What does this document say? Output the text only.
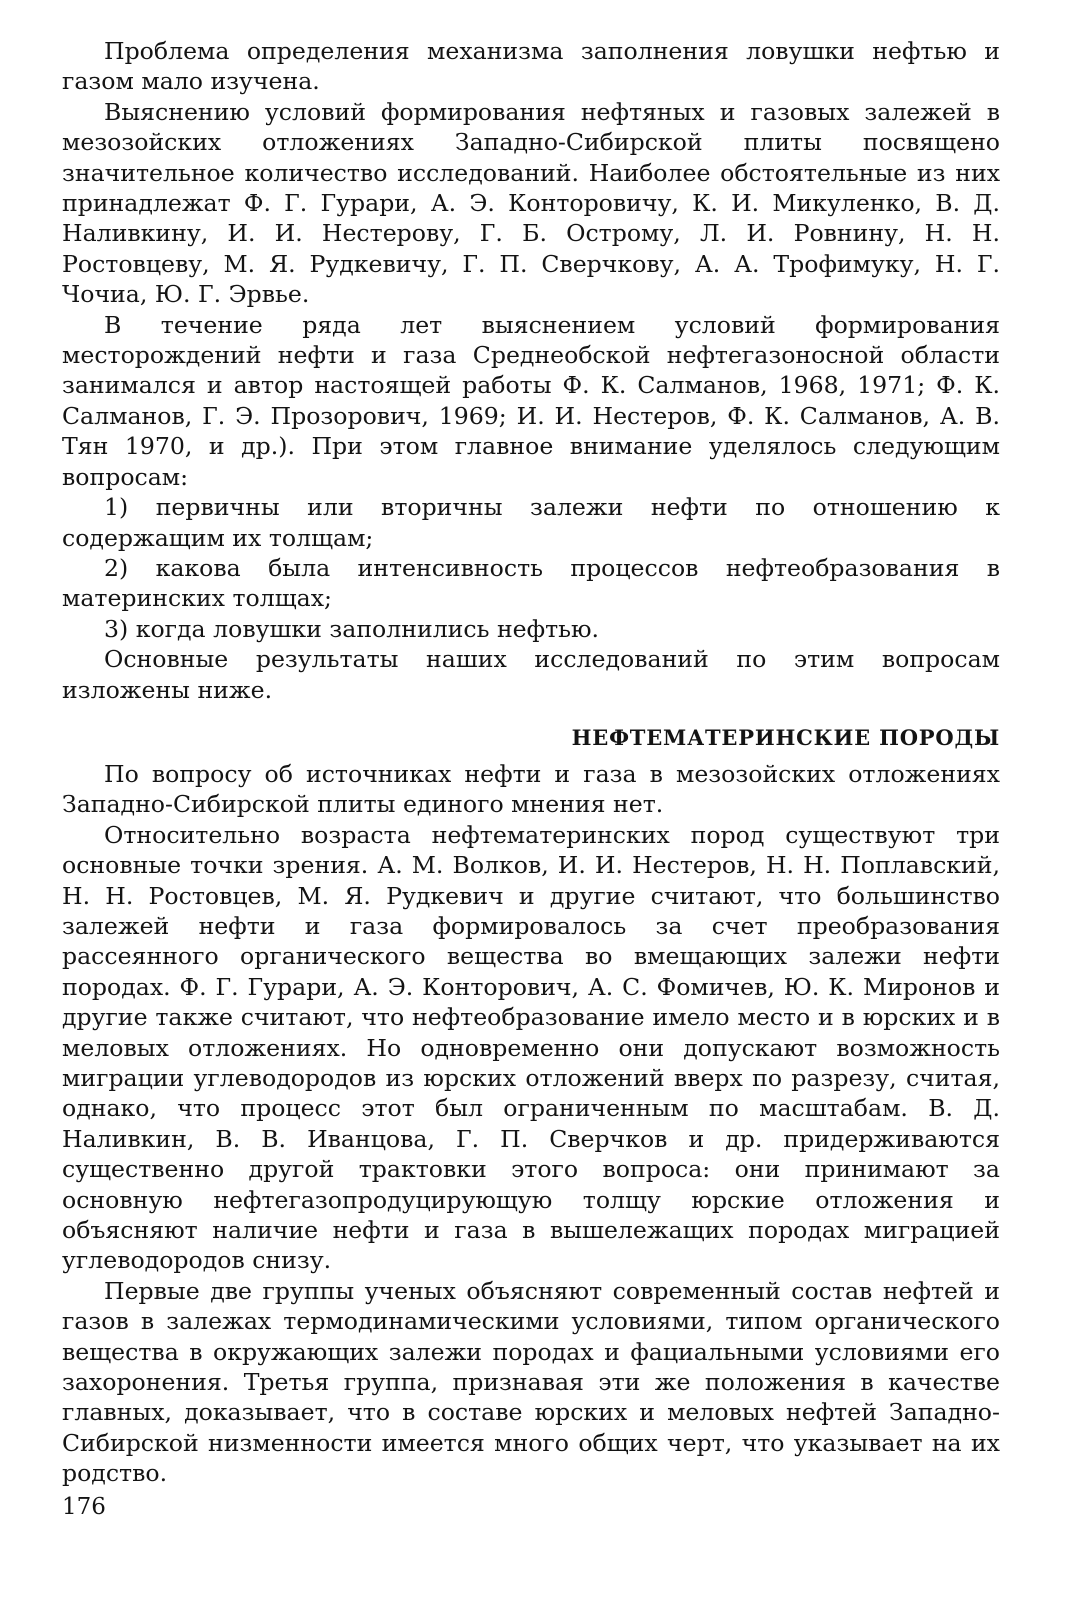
Проблема определения механизма заполнения ловушки нефтью и газом мало изучена.

Выяснению условий формирования нефтяных и газовых залежей в мезозойских отложениях Западно-Сибирской плиты посвящено значительное количество исследований. Наиболее обстоятельные из них принадлежат Ф. Г. Гурари, А. Э. Конторовичу, К. И. Микуленко, В. Д. Наливкину, И. И. Нестерову, Г. Б. Острому, Л. И. Ровнину, Н. Н. Ростовцеву, М. Я. Рудкевичу, Г. П. Сверчкову, А. А. Трофимуку, Н. Г. Чочиа, Ю. Г. Эрвье.

В течение ряда лет выяснением условий формирования месторождений нефти и газа Среднеобской нефтегазоносной области занимался и автор настоящей работы Ф. К. Салманов, 1968, 1971; Ф. К. Салманов, Г. Э. Прозорович, 1969; И. И. Нестеров, Ф. К. Салманов, А. В. Тян 1970, и др.). При этом главное внимание уделялось следующим вопросам:

1) первичны или вторичны залежи нефти по отношению к содержащим их толщам;

2) какова была интенсивность процессов нефтеобразования в материнских толщах;

3) когда ловушки заполнились нефтью.

Основные результаты наших исследований по этим вопросам изложены ниже.

НЕФТЕМАТЕРИНСКИЕ ПОРОДЫ

По вопросу об источниках нефти и газа в мезозойских отложениях Западно-Сибирской плиты единого мнения нет.

Относительно возраста нефтематеринских пород существуют три основные точки зрения. А. М. Волков, И. И. Нестеров, Н. Н. Поплавский, Н. Н. Ростовцев, М. Я. Рудкевич и другие считают, что большинство залежей нефти и газа формировалось за счет преобразования рассеянного органического вещества во вмещающих залежи нефти породах. Ф. Г. Гурари, А. Э. Конторович, А. С. Фомичев, Ю. К. Миронов и другие также считают, что нефтеобразование имело место и в юрских и в меловых отложениях. Но одновременно они допускают возможность миграции углеводородов из юрских отложений вверх по разрезу, считая, однако, что процесс этот был ограниченным по масштабам. В. Д. Наливкин, В. В. Иванцова, Г. П. Сверчков и др. придерживаются существенно другой трактовки этого вопроса: они принимают за основную нефтегазопродуцирующую толщу юрские отложения и объясняют наличие нефти и газа в вышележащих породах миграцией углеводородов снизу.

Первые две группы ученых объясняют современный состав нефтей и газов в залежах термодинамическими условиями, типом органического вещества в окружающих залежи породах и фациальными условиями его захоронения. Третья группа, признавая эти же положения в качестве главных, доказывает, что в составе юрских и меловых нефтей Западно-Сибирской низменности имеется много общих черт, что указывает на их родство.

176
